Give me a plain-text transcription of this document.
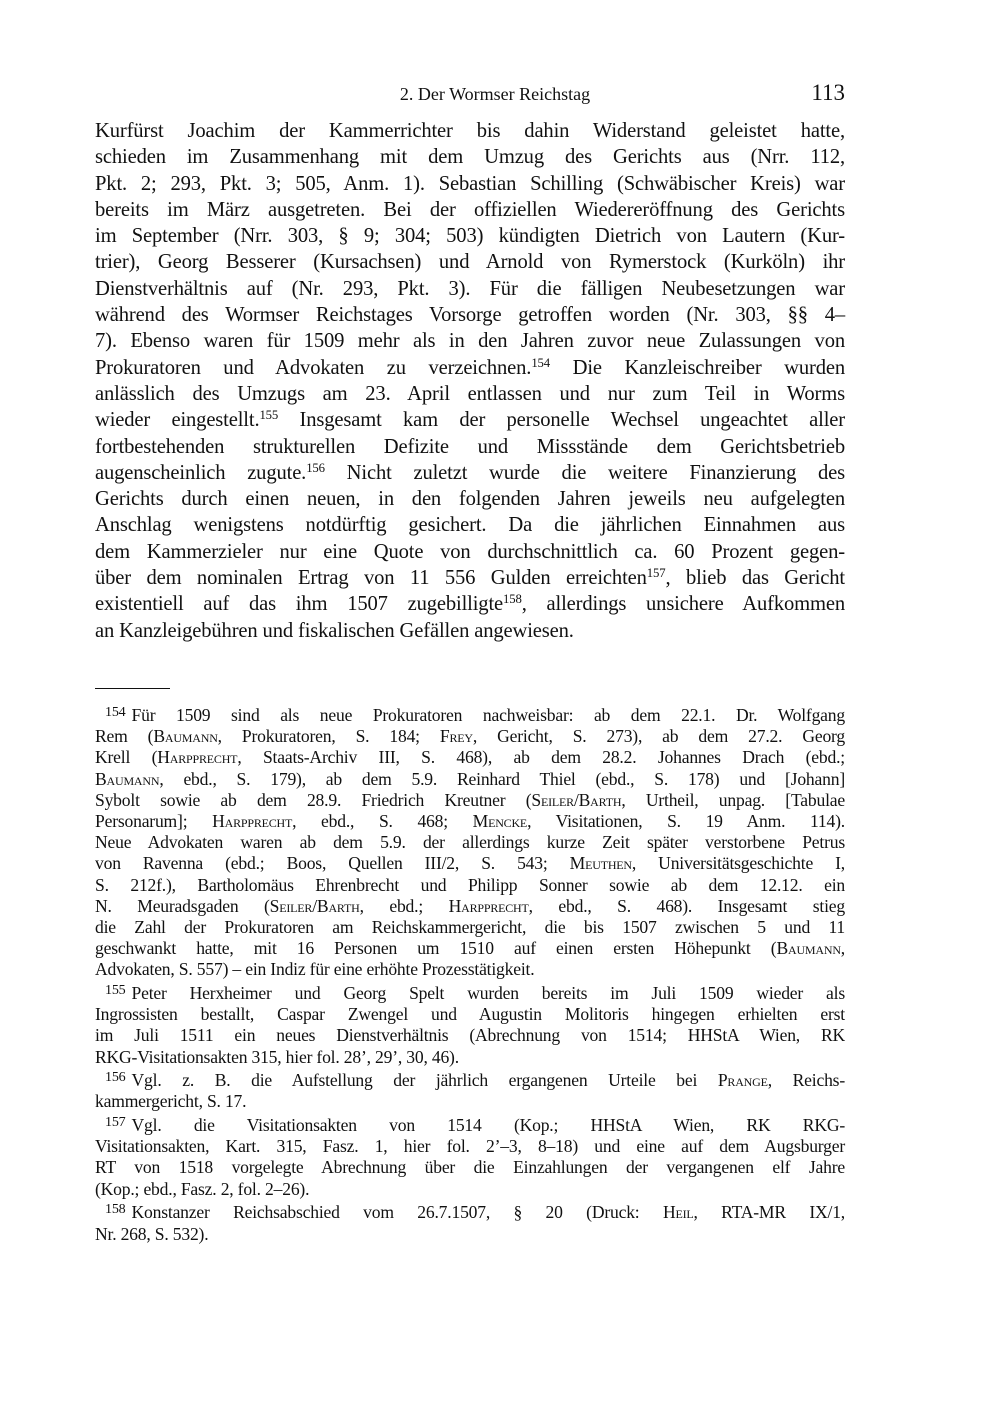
2. Der Wormser Reichstag	113
Kurfürst Joachim der Kammerrichter bis dahin Widerstand geleistet hatte,
schieden im Zusammenhang mit dem Umzug des Gerichts aus (Nrr. 112,
Pkt. 2; 293, Pkt. 3; 505, Anm. 1). Sebastian Schilling (Schwäbischer Kreis) war
bereits im März ausgetreten. Bei der offiziellen Wiedereröffnung des Gerichts
im September (Nrr. 303, § 9; 304; 503) kündigten Dietrich von Lautern (Kur-
trier), Georg Besserer (Kursachsen) und Arnold von Rymerstock (Kurköln) ihr
Dienstverhältnis auf (Nr. 293, Pkt. 3). Für die fälligen Neubesetzungen war
während des Wormser Reichstages Vorsorge getroffen worden (Nr. 303, §§ 4–
7). Ebenso waren für 1509 mehr als in den Jahren zuvor neue Zulassungen von
Prokuratoren und Advokaten zu verzeichnen.$^{154}$ Die Kanzleischreiber wurden
anlässlich des Umzugs am 23. April entlassen und nur zum Teil in Worms
wieder eingestellt.$^{155}$ Insgesamt kam der personelle Wechsel ungeachtet aller
fortbestehenden strukturellen Defizite und Missstände dem Gerichtsbetrieb
augenscheinlich zugute.$^{156}$ Nicht zuletzt wurde die weitere Finanzierung des
Gerichts durch einen neuen, in den folgenden Jahren jeweils neu aufgelegten
Anschlag wenigstens notdürftig gesichert. Da die jährlichen Einnahmen aus
dem Kammerzieler nur eine Quote von durchschnittlich ca. 60 Prozent gegen-
über dem nominalen Ertrag von 11 556 Gulden erreichten$^{157}$, blieb das Gericht
existentiell auf das ihm 1507 zugebilligte$^{158}$, allerdings unsichere Aufkommen
an Kanzleigebühren und fiskalischen Gefällen angewiesen.
$^{154}$ Für 1509 sind als neue Prokuratoren nachweisbar: ab dem 22.1. Dr. Wolfgang
Rem (Baumann, Prokuratoren, S. 184; Frey, Gericht, S. 273), ab dem 27.2. Georg
Krell (Harpprecht, Staats-Archiv III, S. 468), ab dem 28.2. Johannes Drach (ebd.;
Baumann, ebd., S. 179), ab dem 5.9. Reinhard Thiel (ebd., S. 178) und [Johann]
Sybolt sowie ab dem 28.9. Friedrich Kreutner (Seiler/Barth, Urtheil, unpag. [Tabulae
Personarum]; Harpprecht, ebd., S. 468; Mencke, Visitationen, S. 19 Anm. 114).
Neue Advokaten waren ab dem 5.9. der allerdings kurze Zeit später verstorbene Petrus
von Ravenna (ebd.; Boos, Quellen III/2, S. 543; Meuthen, Universitätsgeschichte I,
S. 212f.), Bartholomäus Ehrenbrecht und Philipp Sonner sowie ab dem 12.12. ein
N. Meuradsgaden (Seiler/Barth, ebd.; Harpprecht, ebd., S. 468). Insgesamt stieg
die Zahl der Prokuratoren am Reichskammergericht, die bis 1507 zwischen 5 und 11
geschwankt hatte, mit 16 Personen um 1510 auf einen ersten Höhepunkt (Baumann,
Advokaten, S. 557) – ein Indiz für eine erhöhte Prozesstätigkeit.
$^{155}$ Peter Herxheimer und Georg Spelt wurden bereits im Juli 1509 wieder als
Ingrossisten bestallt, Caspar Zwengel und Augustin Molitoris hingegen erhielten erst
im Juli 1511 ein neues Dienstverhältnis (Abrechnung von 1514; HHStA Wien, RK
RKG-Visitationsakten 315, hier fol. 28’, 29’, 30, 46).
$^{156}$ Vgl. z. B. die Aufstellung der jährlich ergangenen Urteile bei Prange, Reichs-
kammergericht, S. 17.
$^{157}$ Vgl. die Visitationsakten von 1514 (Kop.; HHStA Wien, RK RKG-
Visitationsakten, Kart. 315, Fasz. 1, hier fol. 2’–3, 8–18) und eine auf dem Augsburger
RT von 1518 vorgelegte Abrechnung über die Einzahlungen der vergangenen elf Jahre
(Kop.; ebd., Fasz. 2, fol. 2–26).
$^{158}$ Konstanzer Reichsabschied vom 26.7.1507, § 20 (Druck: Heil, RTA-MR IX/1,
Nr. 268, S. 532).
